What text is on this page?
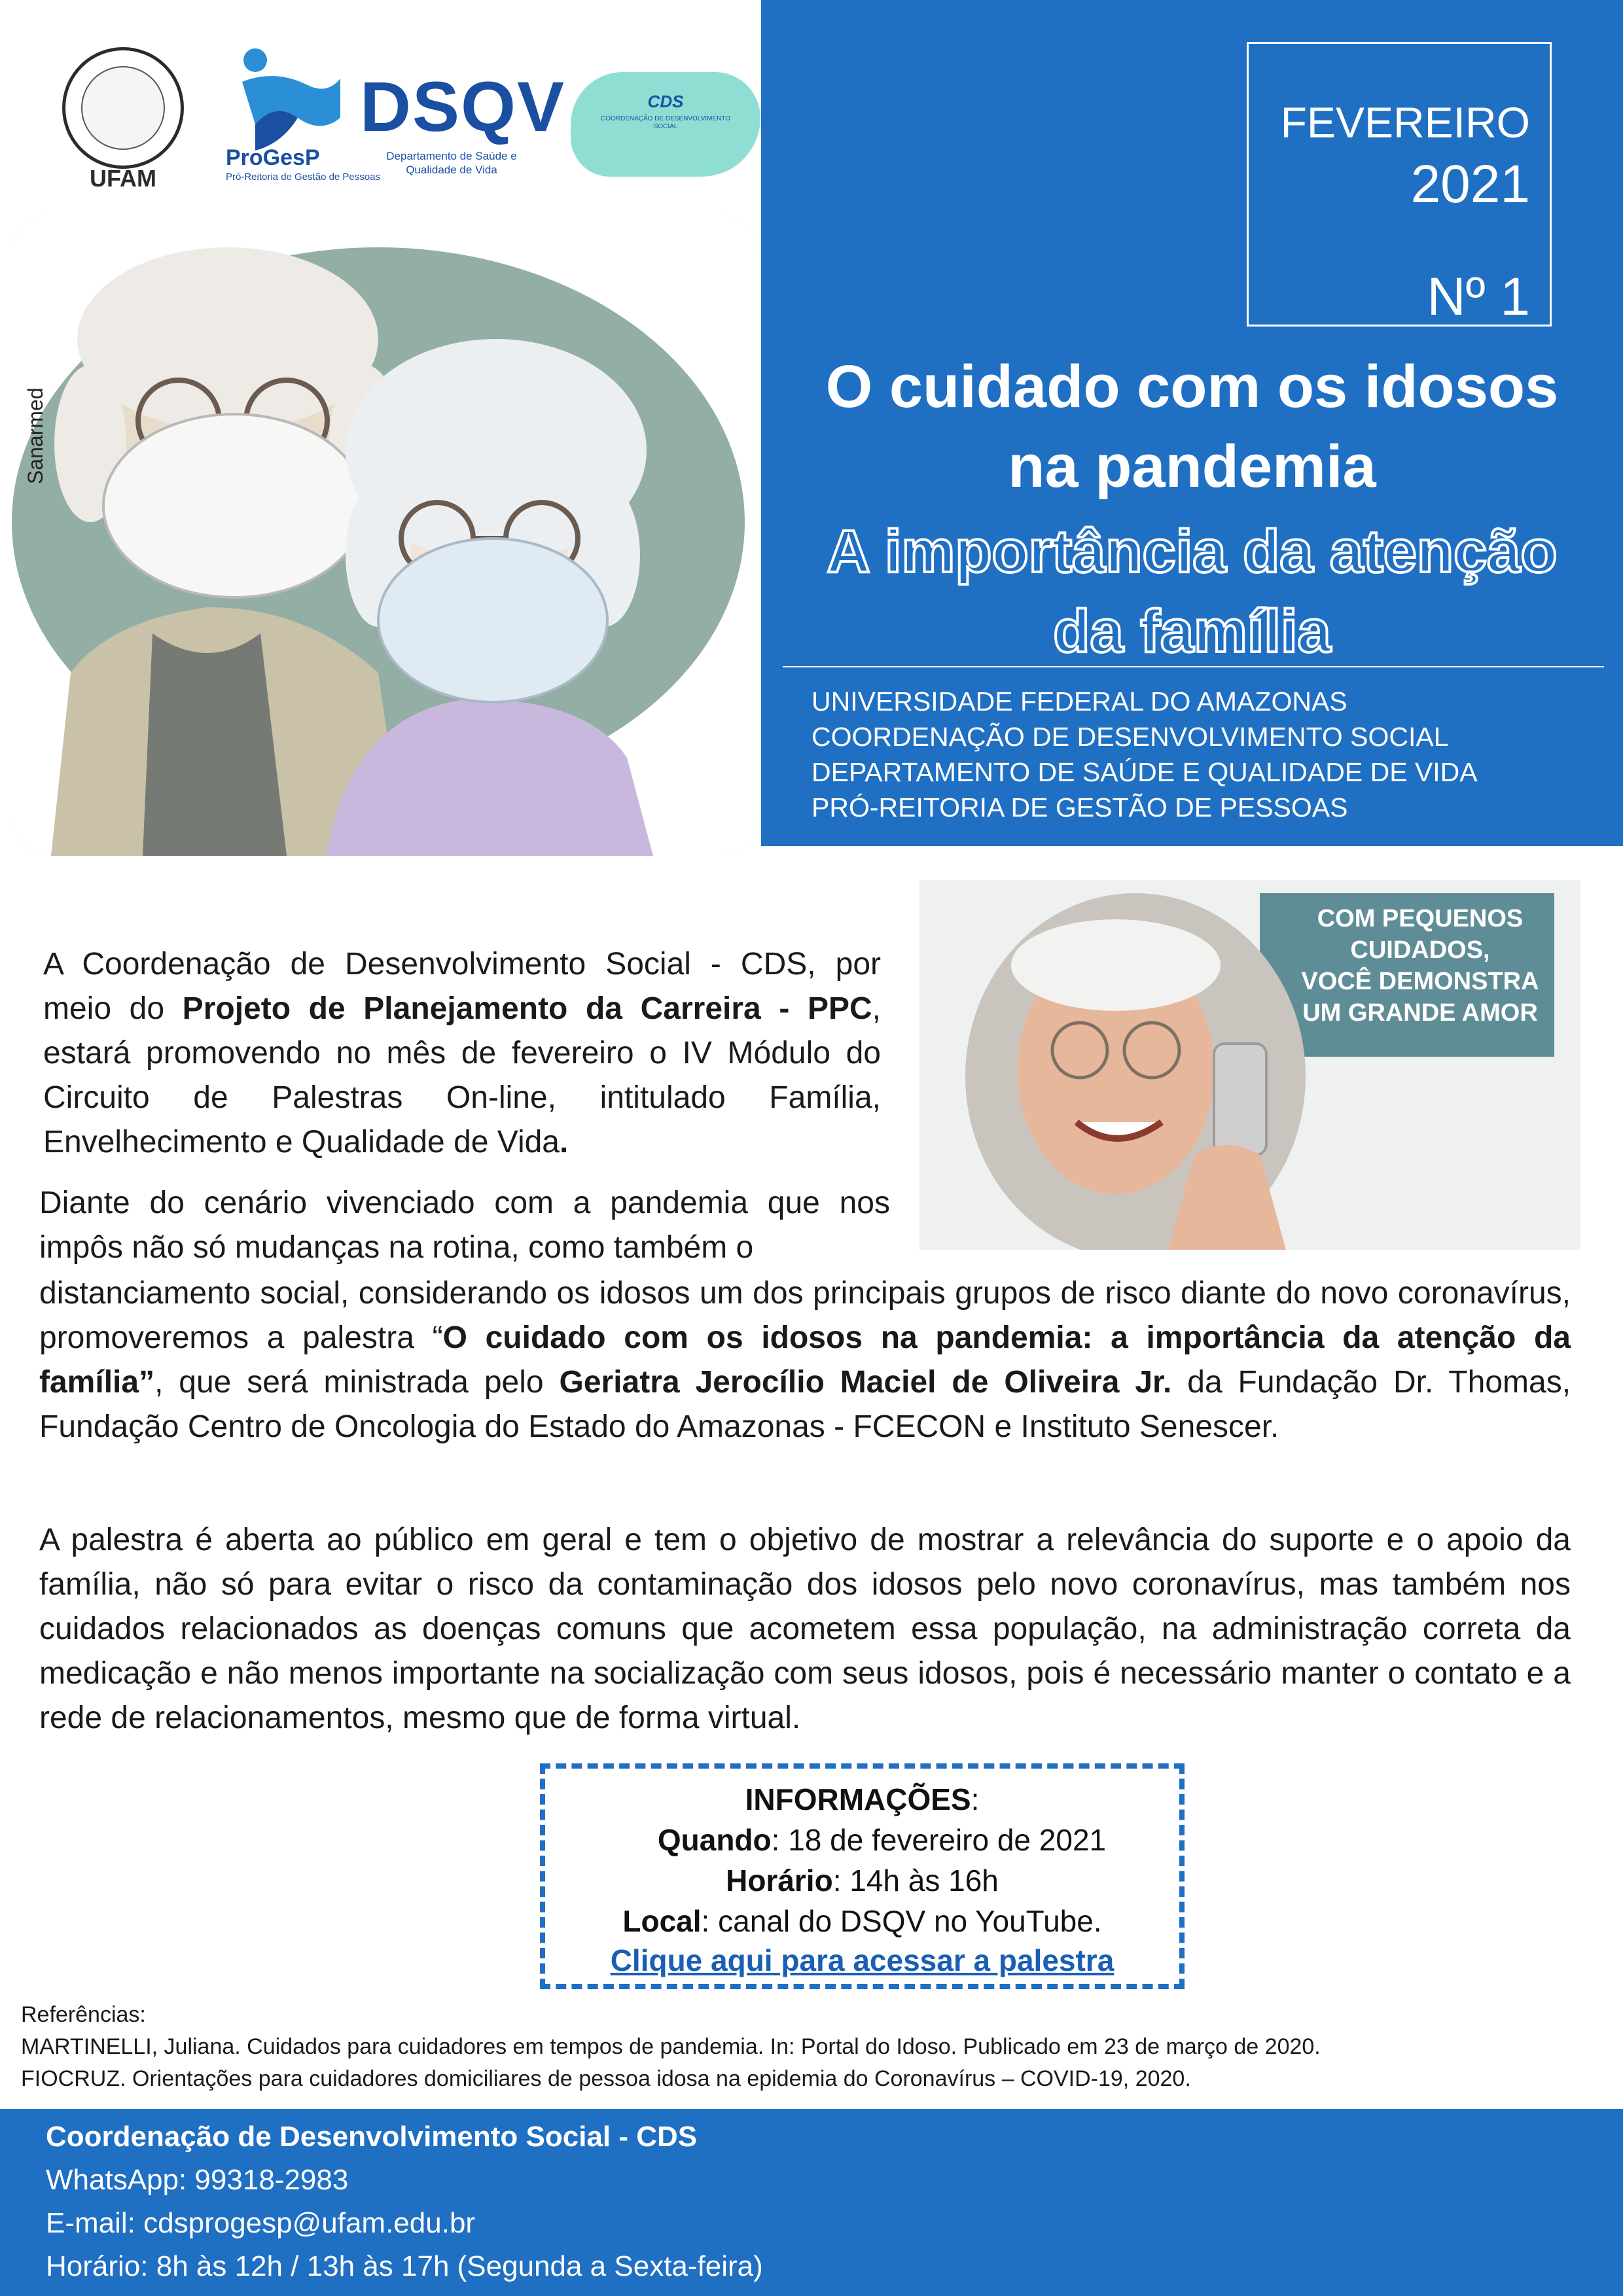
UFAM
ProGesP
Pró-Reitoria de Gestão de Pessoas
DSQV
Departamento de Saúde e Qualidade de Vida
CDS
COORDENAÇÃO DE DESENVOLVIMENTO SOCIAL	FEVEREIRO
2021
Nº 1
O cuidado com os idosos
na pandemia
A importância da atenção
da família
UNIVERSIDADE FEDERAL DO AMAZONAS
COORDENAÇÃO DE DESENVOLVIMENTO SOCIAL
DEPARTAMENTO DE SAÚDE E QUALIDADE DE VIDA
PRÓ-REITORIA DE GESTÃO DE PESSOAS
Sanarmed
COM PEQUENOS
CUIDADOS,
VOCÊ DEMONSTRA
UM GRANDE AMOR
A Coordenação de Desenvolvimento Social - CDS, por meio do Projeto de Planejamento da Carreira - PPC, estará promovendo no mês de fevereiro o IV Módulo do Circuito de Palestras On-line, intitulado Família, Envelhecimento e Qualidade de Vida.
Diante do cenário vivenciado com a pandemia que nos impôs não só mudanças na rotina, como também o
distanciamento social, considerando os idosos um dos principais grupos de risco diante do novo coronavírus, promoveremos a palestra “O cuidado com os idosos na pandemia: a importância da atenção da família”, que será ministrada pelo Geriatra Jerocílio Maciel de Oliveira Jr. da Fundação Dr. Thomas, Fundação Centro de Oncologia do Estado do Amazonas - FCECON e Instituto Senescer.
A palestra é aberta ao público em geral e tem o objetivo de mostrar a relevância do suporte e o apoio da família, não só para evitar o risco da contaminação dos idosos pelo novo coronavírus, mas também nos cuidados relacionados as doenças comuns que acometem essa população, na administração correta da medicação e não menos importante na socialização com seus idosos, pois é necessário manter o contato e a rede de relacionamentos, mesmo que de forma virtual.
INFORMAÇÕES:
Quando: 18 de fevereiro de 2021
Horário: 14h às 16h
Local: canal do DSQV no YouTube.
Clique aqui para acessar a palestra
Referências:
MARTINELLI, Juliana. Cuidados para cuidadores em tempos de pandemia. In: Portal do Idoso. Publicado em 23 de março de 2020.
FIOCRUZ. Orientações para cuidadores domiciliares de pessoa idosa na epidemia do Coronavírus – COVID-19, 2020.
Coordenação de Desenvolvimento Social - CDS
WhatsApp: 99318-2983
E-mail: cdsprogesp@ufam.edu.br
Horário: 8h às 12h / 13h às 17h (Segunda a Sexta-feira)
